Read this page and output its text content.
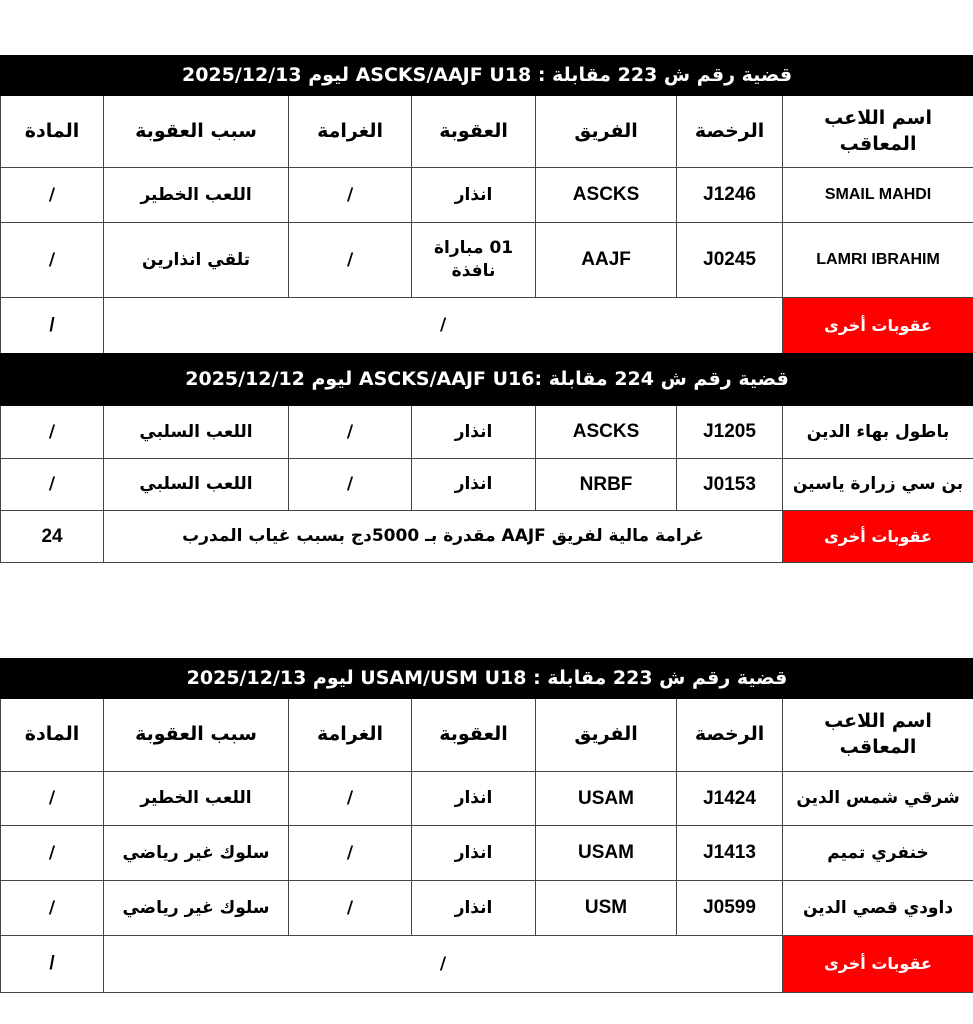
قضية رقم ش 223 مقابلة : ASCKS/AAJF U18 ليوم 2025/12/13						
اسم اللاعب المعاقب	الرخصة	الفريق	العقوبة	الغرامة	سبب العقوبة	المادة
SMAIL MAHDI	J1246	ASCKS	انذار	/	اللعب الخطير	/
LAMRI IBRAHIM	J0245	AAJF	01 مباراة نافذة	/	تلقي انذارين	/
عقوبات أخرى	/					/
قضية رقم ش 224 مقابلة :ASCKS/AAJF U16 ليوم 2025/12/12						
باطول بهاء الدين	J1205	ASCKS	انذار	/	اللعب السلبي	/
بن سي زرارة ياسين	J0153	NRBF	انذار	/	اللعب السلبي	/
عقوبات أخرى	غرامة مالية لفريق AAJF مقدرة بـ 5000دج بسبب غياب المدرب					24
قضية رقم ش 223 مقابلة : USAM/USM U18 ليوم 2025/12/13						
اسم اللاعب المعاقب	الرخصة	الفريق	العقوبة	الغرامة	سبب العقوبة	المادة
شرقي شمس الدين	J1424	USAM	انذار	/	اللعب الخطير	/
خنفري تميم	J1413	USAM	انذار	/	سلوك غير رياضي	/
داودي قصي الدين	J0599	USM	انذار	/	سلوك غير رياضي	/
عقوبات أخرى	/					/
